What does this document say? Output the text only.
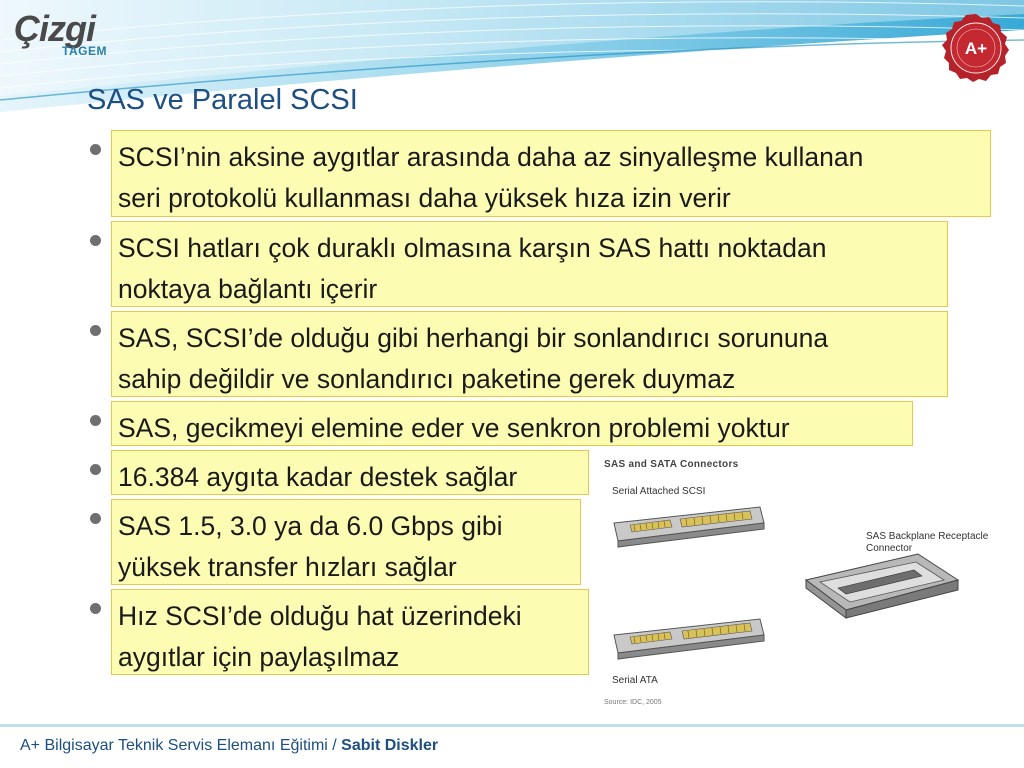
Çizgi
TAGEM	A+
SAS ve Paralel SCSI
SCSI’nin aksine aygıtlar arasında daha az sinyalleşme kullanan
seri protokolü kullanması daha yüksek hıza izin verir
SCSI hatları çok duraklı olmasına karşın SAS hattı noktadan
noktaya bağlantı içerir
SAS, SCSI’de olduğu gibi herhangi bir sonlandırıcı sorununa
sahip değildir ve sonlandırıcı paketine gerek duymaz
SAS, gecikmeyi elemine eder ve senkron problemi yoktur
16.384 aygıta kadar destek sağlar
SAS 1.5, 3.0 ya da 6.0 Gbps gibi
yüksek transfer hızları sağlar
Hız SCSI’de olduğu hat üzerindeki
aygıtlar için paylaşılmaz
SAS and SATA Connectors
Serial Attached SCSI
SAS Backplane Receptacle
Connector
Serial ATA
Source: IDC, 2005
A+ Bilgisayar Teknik Servis Elemanı Eğitimi / Sabit Diskler
